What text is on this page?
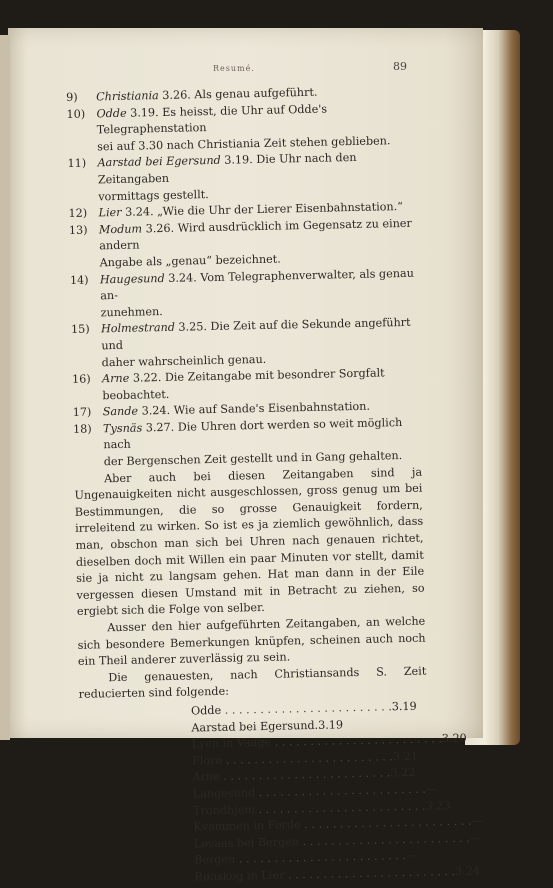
Resumé.	89
9)	Christiania 3.26. Als genau aufgeführt.
10) Odde 3.19. Es heisst, die Uhr auf Odde's Telegraphenstation
sei auf 3.30 nach Christiania Zeit stehen geblieben.
11) Aarstad bei Egersund 3.19. Die Uhr nach den Zeitangaben
vormittags gestellt.
12) Lier 3.24. „Wie die Uhr der Lierer Eisenbahnstation.“
13) Modum 3.26. Wird ausdrücklich im Gegensatz zu einer andern
Angabe als „genau“ bezeichnet.
14) Haugesund 3.24. Vom Telegraphenverwalter, als genau an-
zunehmen.
15) Holmestrand 3.25. Die Zeit auf die Sekunde angeführt und
daher wahrscheinlich genau.
16) Arne 3.22. Die Zeitangabe mit besondrer Sorgfalt beobachtet.
17) Sande 3.24. Wie auf Sande's Eisenbahnstation.
18) Tysnäs 3.27. Die Uhren dort werden so weit möglich nach
der Bergenschen Zeit gestellt und in Gang gehalten.

Aber auch bei diesen Zeitangaben sind ja Ungenauigkeiten nicht ausgeschlossen, gross genug um bei Bestimmungen, die so grosse Genauigkeit fordern, irreleitend zu wirken. So ist es ja ziemlich gewöhnlich, dass man, obschon man sich bei Uhren nach genauen richtet, dieselben doch mit Willen ein paar Minuten vor stellt, damit sie ja nicht zu langsam gehen. Hat man dann in der Eile vergessen diesen Umstand mit in Betracht zu ziehen, so ergiebt sich die Folge von selber.

Ausser den hier aufgeführten Zeitangaben, an welche sich besondere Bemerkungen knüpfen, scheinen auch noch ein Theil anderer zuverlässig zu sein.

Die genauesten, nach Christiansands S. Zeit reducierten sind folgende:

Odde . . . . . . . . . . . . . . . . . . . . . . . . 3.19
Aarstad bei Egersund
.3.19
Lyen in Vaage . . . . . . . . . . . . . . . . . . . . . . . . 3.20
Florø . . . . . . . . . . . . . . . . . . . . . . . . 3.21
Arne . . . . . . . . . . . . . . . . . . . . . . . . 3.22
Langesund . . . . . . . . . . . . . . . . . . . . . . . . —
Trondhjem . . . . . . . . . . . . . . . . . . . . . . . . 3.23
Kvammen in Førde . . . . . . . . . . . . . . . . . . . . . . . . —
Løvaas bei Bergen . . . . . . . . . . . . . . . . . . . . . . . . —
Bergen . . . . . . . . . . . . . . . . . . . . . . . . —
Rønskog in Lier . . . . . . . . . . . . . . . . . . . . . . . . 3.24
